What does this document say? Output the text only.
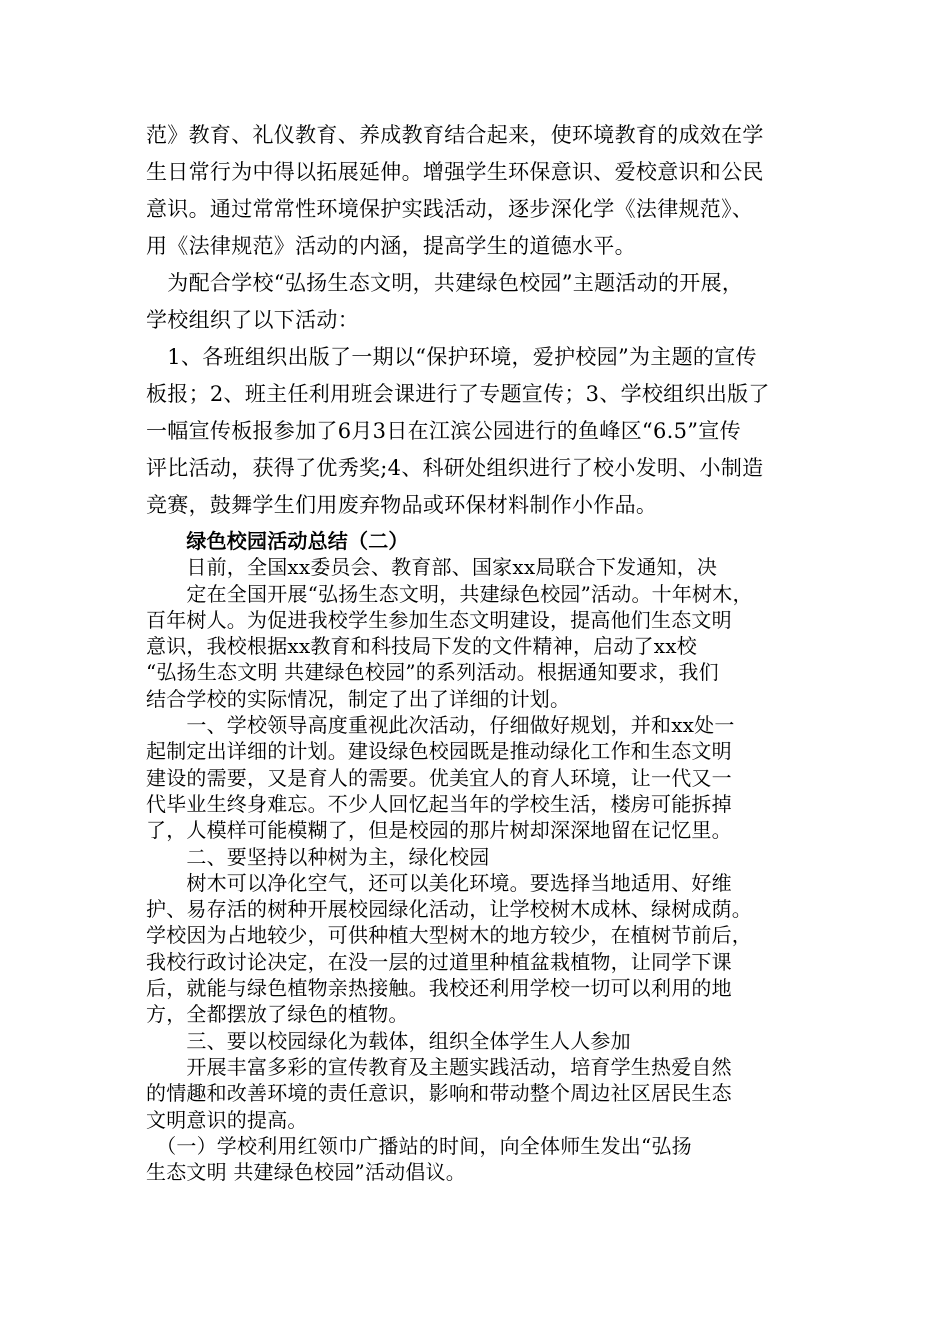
范》教育、礼仪教育、养成教育结合起来，使环境教育的成效在学
生日常行为中得以拓展延伸。增强学生环保意识、爱校意识和公民
意识。通过常常性环境保护实践活动，逐步深化学《法律规范》、
用《法律规范》活动的内涵，提高学生的道德水平。
　为配合学校“弘扬生态文明，共建绿色校园”主题活动的开展，
学校组织了以下活动：
　1、各班组织出版了一期以“保护环境，爱护校园”为主题的宣传
板报；2、班主任利用班会课进行了专题宣传；3、学校组织出版了
一幅宣传板报参加了6月3日在江滨公园进行的鱼峰区“6.5”宣传
评比活动，获得了优秀奖;4、科研处组织进行了校小发明、小制造
竞赛，鼓舞学生们用废弃物品或环保材料制作小作品。
　　绿色校园活动总结（二）
　　日前，全国xx委员会、教育部、国家xx局联合下发通知，决
　　定在全国开展“弘扬生态文明，共建绿色校园”活动。十年树木，
百年树人。为促进我校学生参加生态文明建设，提高他们生态文明
意识，我校根据xx教育和科技局下发的文件精神，启动了xx校
“弘扬生态文明 共建绿色校园”的系列活动。根据通知要求，我们
结合学校的实际情况，制定了出了详细的计划。
　　一、学校领导高度重视此次活动，仔细做好规划，并和xx处一
起制定出详细的计划。建设绿色校园既是推动绿化工作和生态文明
建设的需要，又是育人的需要。优美宜人的育人环境，让一代又一
代毕业生终身难忘。不少人回忆起当年的学校生活，楼房可能拆掉
了，人模样可能模糊了，但是校园的那片树却深深地留在记忆里。
　　二、要坚持以种树为主，绿化校园
　　树木可以净化空气，还可以美化环境。要选择当地适用、好维
护、易存活的树种开展校园绿化活动，让学校树木成林、绿树成荫。
学校因为占地较少，可供种植大型树木的地方较少，在植树节前后，
我校行政讨论决定，在没一层的过道里种植盆栽植物，让同学下课
后，就能与绿色植物亲热接触。我校还利用学校一切可以利用的地
方，全都摆放了绿色的植物。
　　三、要以校园绿化为载体，组织全体学生人人参加
　　开展丰富多彩的宣传教育及主题实践活动，培育学生热爱自然
的情趣和改善环境的责任意识，影响和带动整个周边社区居民生态
文明意识的提高。
　（一）学校利用红领巾广播站的时间，向全体师生发出“弘扬
生态文明 共建绿色校园”活动倡议。
